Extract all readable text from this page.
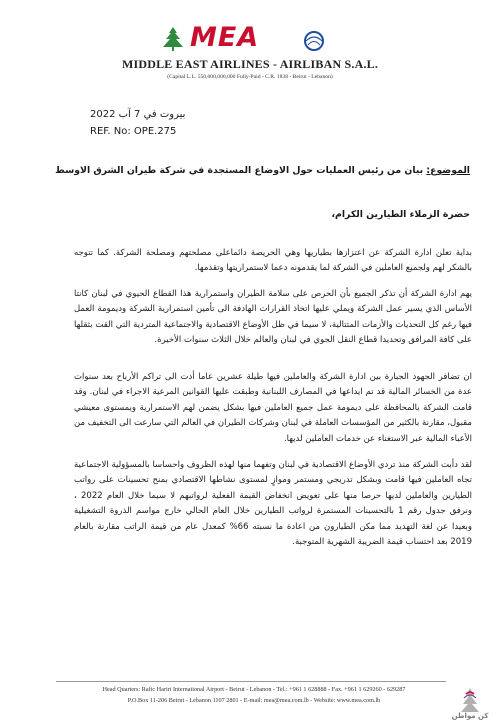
MEA
MIDDLE EAST AIRLINES - AIRLIBAN S.A.L.
(Capital L.L. 550,000,000,000 Fully-Paid - C.R. 1838 - Beirut - Lebanon)
بيروت في 7 آب 2022
REF. No: OPE.275
الموضوع: بيان من رئيس العمليات حول الاوضاع المستجدة في شركة طيران الشرق الاوسط
حضرة الزملاء الطيارين الكرام،
بداية تعلن ادارة الشركة عن اعتزازها بطياريها وهي الحريصة دائماعلى مصلحتهم ومصلحة الشركة. كما تتوجه بالشكر لهم ولجميع العاملين في الشركة لما يقدمونه دعما لاستمراريتها وتقدمها.
يهم ادارة الشركة أن تذكر الجميع بأن الحرص على سلامة الطيران واستمرارية هذا القطاع الحيوي في لبنان كانتا الأساس الذي يسير عمل الشركة ويملي عليها اتخاذ القرارات الهادفة الى تأمين استمرارية الشركة وديمومة العمل فيها رغم كل التحديات والأزمات المتتالية، لا سيما في ظل الأوضاع الاقتصادية والاجتماعية المتردية التي القت بثقلها على كافة المرافق وتحديدا قطاع النقل الجوي في لبنان والعالم خلال الثلاث سنوات الأخيرة.
ان تضافر الجهود الجبارة بين ادارة الشركة والعاملين فيها طيلة عشرين عاما أدت الى تراكم الأرباح بعد سنوات عدة من الخسائر المالية قد تم ايداعها في المصارف اللبنانية وطبقت عليها القوانين المرعية الاجراء في لبنان. وقد قامت الشركة بالمحافظة على ديمومة عمل جميع العاملين فيها بشكل يضمن لهم الاستمرارية وبمستوى معيشي مقبول، مقارنة بالكثير من المؤسسات العاملة في لبنان وشركات الطيران في العالم التي سارعت الى التخفيف من الأعباء المالية عبر الاستغناء عن خدمات العاملين لديها.
لقد دأبت الشركة منذ تردي الأوضاع الاقتصادية في لبنان وتفهما منها لهذه الظروف واحساسا بالمسؤولية الاجتماعية تجاه العاملين فيها قامت وبشكل تدريجي ومستمر وموازٍ لمستوى نشاطها الاقتصادي بمنح تحسينات على رواتب الطيارين والعاملين لديها حرصا منها على تعويض انخفاض القيمة الفعلية لرواتبهم لا سيما خلال العام 2022 ، ونرفق جدول رقم 1 بالتحسينات المستمرة لرواتب الطيارين خلال العام الحالي خارج مواسم الذروة التشغيلية وبعيدا عن لغة التهديد مما مكن الطيارون من اعادة ما نسبته 66% كمعدل عام من قيمة الراتب مقارنة بالعام 2019 بعد احتساب قيمة الضريبة الشهرية المتوجبة.
Head Quarters: Rafic Hariri International Airport - Beirut - Lebanon - Tel.: +961 1 628888 - Fax. +961 1 629260 - 629287
P.O.Box 11-206 Beirut - Lebanon 1107 2801 - E-mail: mea@mea.com.lb - Website: www.mea.com.lb
كن مواطن
